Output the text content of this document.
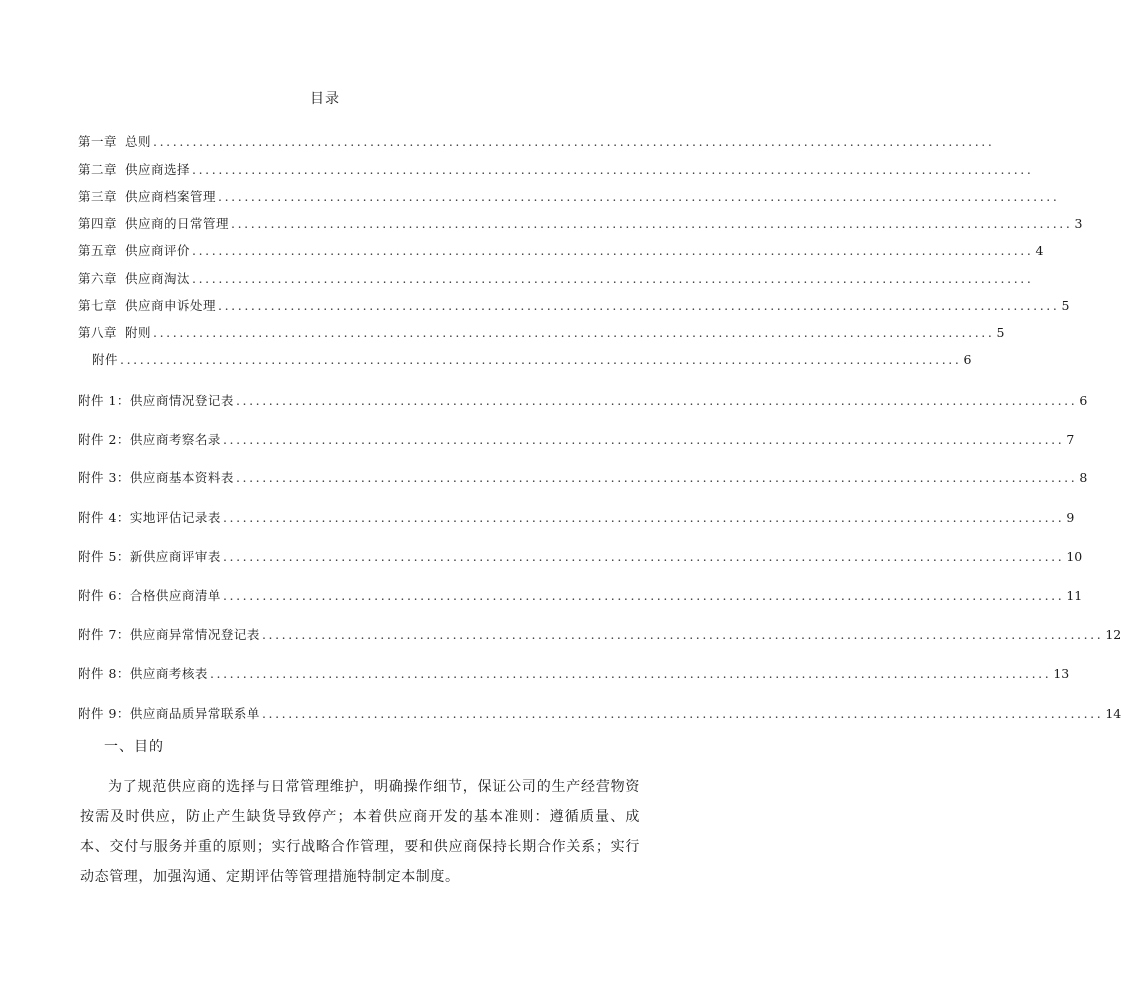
目录
第一章 总则 ................................................................................................................................
第二章 供应商选择 ................................................................................................................................
第三章 供应商档案管理 ................................................................................................................................
第四章 供应商的日常管理 ................................................................................................................................ 3
第五章 供应商评价 ................................................................................................................................ 4
第六章 供应商淘汰 ................................................................................................................................
第七章 供应商申诉处理 ................................................................................................................................ 5
第八章 附则 ................................................................................................................................ 5
附件 ................................................................................................................................ 6
附件 1：供应商情况登记表 ................................................................................................................................ 6
附件 2：供应商考察名录 ................................................................................................................................ 7
附件 3：供应商基本资料表 ................................................................................................................................ 8
附件 4：实地评估记录表 ................................................................................................................................ 9
附件 5：新供应商评审表 ................................................................................................................................ 10
附件 6：合格供应商清单 ................................................................................................................................ 11
附件 7：供应商异常情况登记表 ................................................................................................................................ 12
附件 8：供应商考核表 ................................................................................................................................ 13
附件 9：供应商品质异常联系单 ................................................................................................................................ 14
一、目的

为了规范供应商的选择与日常管理维护，明确操作细节，保证公司的生产经营物资按需及时供应，防止产生缺货导致停产；本着供应商开发的基本准则：遵循质量、成本、交付与服务并重的原则；实行战略合作管理，要和供应商保持长期合作关系；实行动态管理，加强沟通、定期评估等管理措施特制定本制度。
